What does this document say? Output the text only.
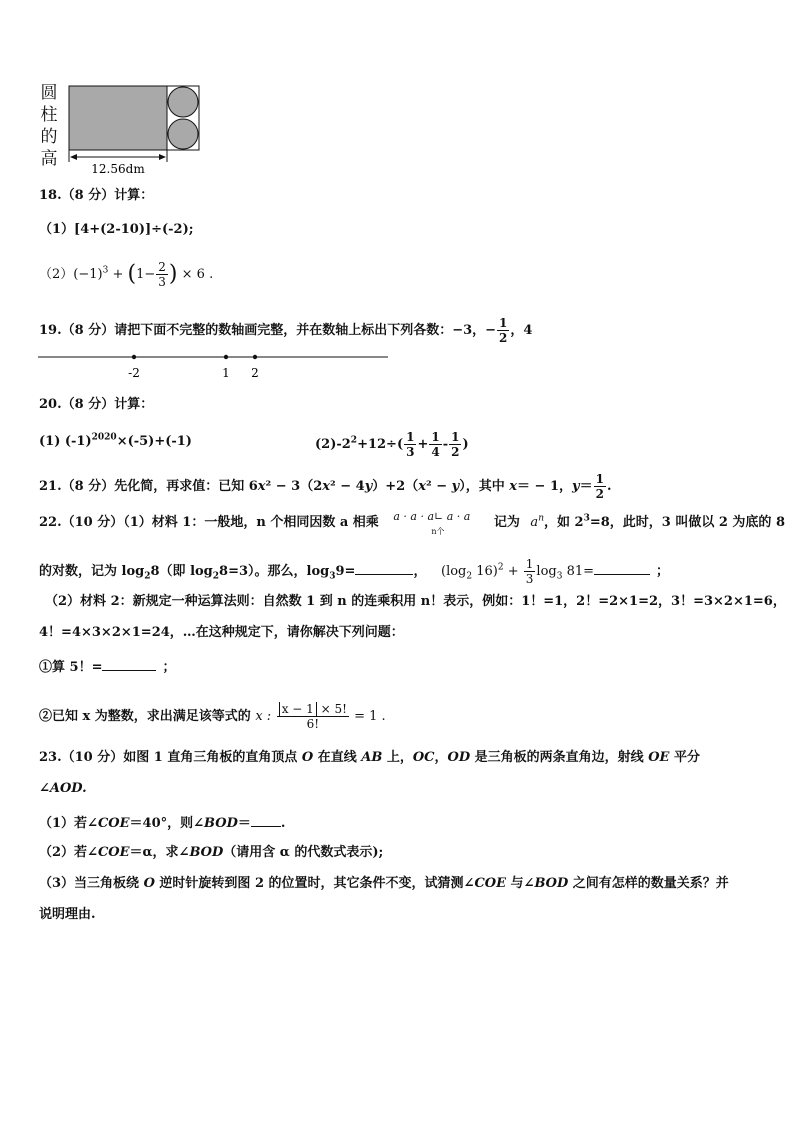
圆
柱
的
高	12.56dm
18.（8 分）计算：
（1）[4+(2-10)]÷(-2);
$(2)(-1)^3 + (1- \frac{2}{3}$ ) × 6 .
19.（8 分）请把下面不完整的数轴画完整，并在数轴上标出下列各数：−3，− $\frac{1}{2}$ ，4
-2	1 2
20.（8 分）计算：
(1) $(-1)^{2020}\times(-5)+(-1)$	$(2)-2^2+12\div( \frac{1}{3} + \frac{1}{4} - \frac{1}{2}$ )
21.（8 分）先化简，再求值：已知 6x² − 3（2x² − 4y）+2（x² − y），其中 x＝ − 1，$y= \frac{1}{2}$ .
22.（10 分）（1）材料 1：一般地，n 个相同因数 a 相乘 $^{a \cdot a \cdot a∟ a \cdot a}$
n个
记为 $a^n$，如 $2^3=8$，此时，3 叫做以 2 为底的 8
的对数，记为 $\log_28$（即 $\log_28=3$）。那么，$\log_39=$	， ($\log_2$ $16)^2 + \frac{1}{3} \log_3 81=$	；
（2）材料 2：新规定一种运算法则：自然数 1 到 n 的连乘积用 n！表示，例如：1！=1，2！=2×1=2，3！=3×2×1=6，
4！=4×3×2×1=24，…在这种规定下，请你解决下列问题：
①算 5！=	；
②已知 x 为整数，求出满足该等式的 x : $\frac{x - 1 \times 5!}{6!} = 1$ .
23.（10 分）如图 1 直角三角板的直角顶点 O 在直线 AB 上，OC，OD 是三角板的两条直角边，射线 OE 平分
∠AOD.
（1）若∠COE＝40°，则∠BOD＝ .
（2）若∠COE＝α，求∠BOD（请用含 α 的代数式表示);
（3）当三角板绕 O 逆时针旋转到图 2 的位置时，其它条件不变，试猜测∠COE 与∠BOD 之间有怎样的数量关系？并
说明理由.
